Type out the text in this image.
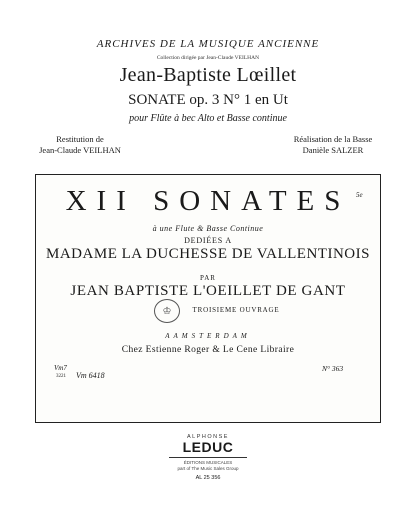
ARCHIVES DE LA MUSIQUE ANCIENNE
Collection dirigée par Jean-Claude VEILHAN
Jean-Baptiste Lœillet
SONATE op. 3 N° 1 en Ut
pour Flûte à bec Alto et Basse continue
Restitution de
Jean-Claude VEILHAN
Réalisation de la Basse
Danièle SALZER
XII SONATES 5e
à une Flute & Basse Continue
DEDIÉES A
MADAME LA DUCHESSE DE VALLENTINOIS
PAR
JEAN BAPTISTE L'OEILLET DE GANT
♔	TROISIEME OUVRAGE
AAMSTERDAM
Chez Estienne Roger & Le Cene Libraire
N° 363
Vm7
Vm 6418
3221
ALPHONSE
LEDUC
ÉDITIONS MUSICALES
part of The Music Sales Group
AL 25 356
